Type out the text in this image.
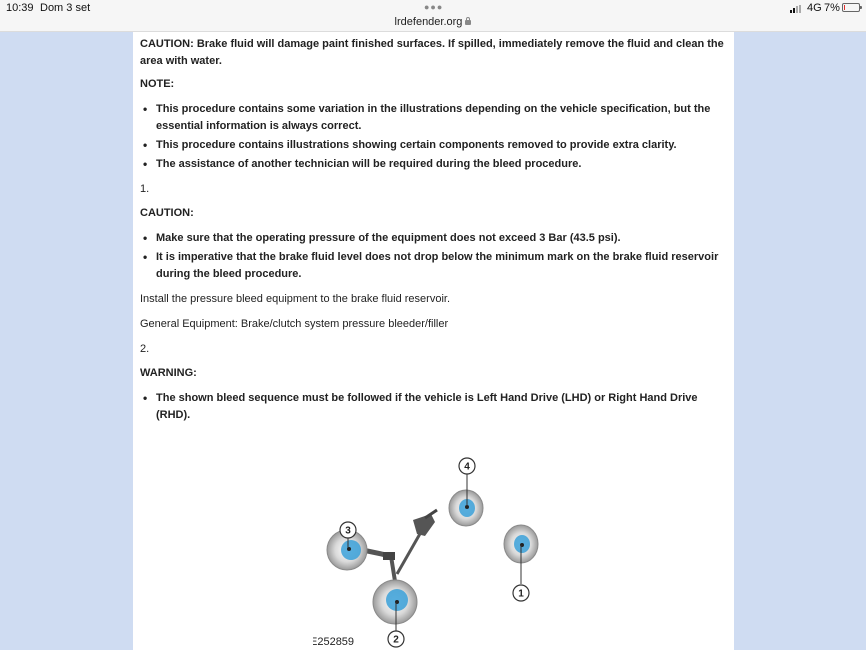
10:39 Dom 3 set	●●●
lrdefender.org
4G 7%

CAUTION: Brake fluid will damage paint finished surfaces. If spilled, immediately remove the fluid and clean the area with water.

NOTE:

• This procedure contains some variation in the illustrations depending on the vehicle specification, but the essential information is always correct.
• This procedure contains illustrations showing certain components removed to provide extra clarity.
• The assistance of another technician will be required during the bleed procedure.

1.

CAUTION:

• Make sure that the operating pressure of the equipment does not exceed 3 Bar (43.5 psi).
• It is imperative that the brake fluid level does not drop below the minimum mark on the brake fluid reservoir during the bleed procedure.

Install the pressure bleed equipment to the brake fluid reservoir.

General Equipment: Brake/clutch system pressure bleeder/filler

2.

WARNING:

• The shown bleed sequence must be followed if the vehicle is Left Hand Drive (LHD) or Right Hand Drive (RHD).
4
3
1
2
E252859
